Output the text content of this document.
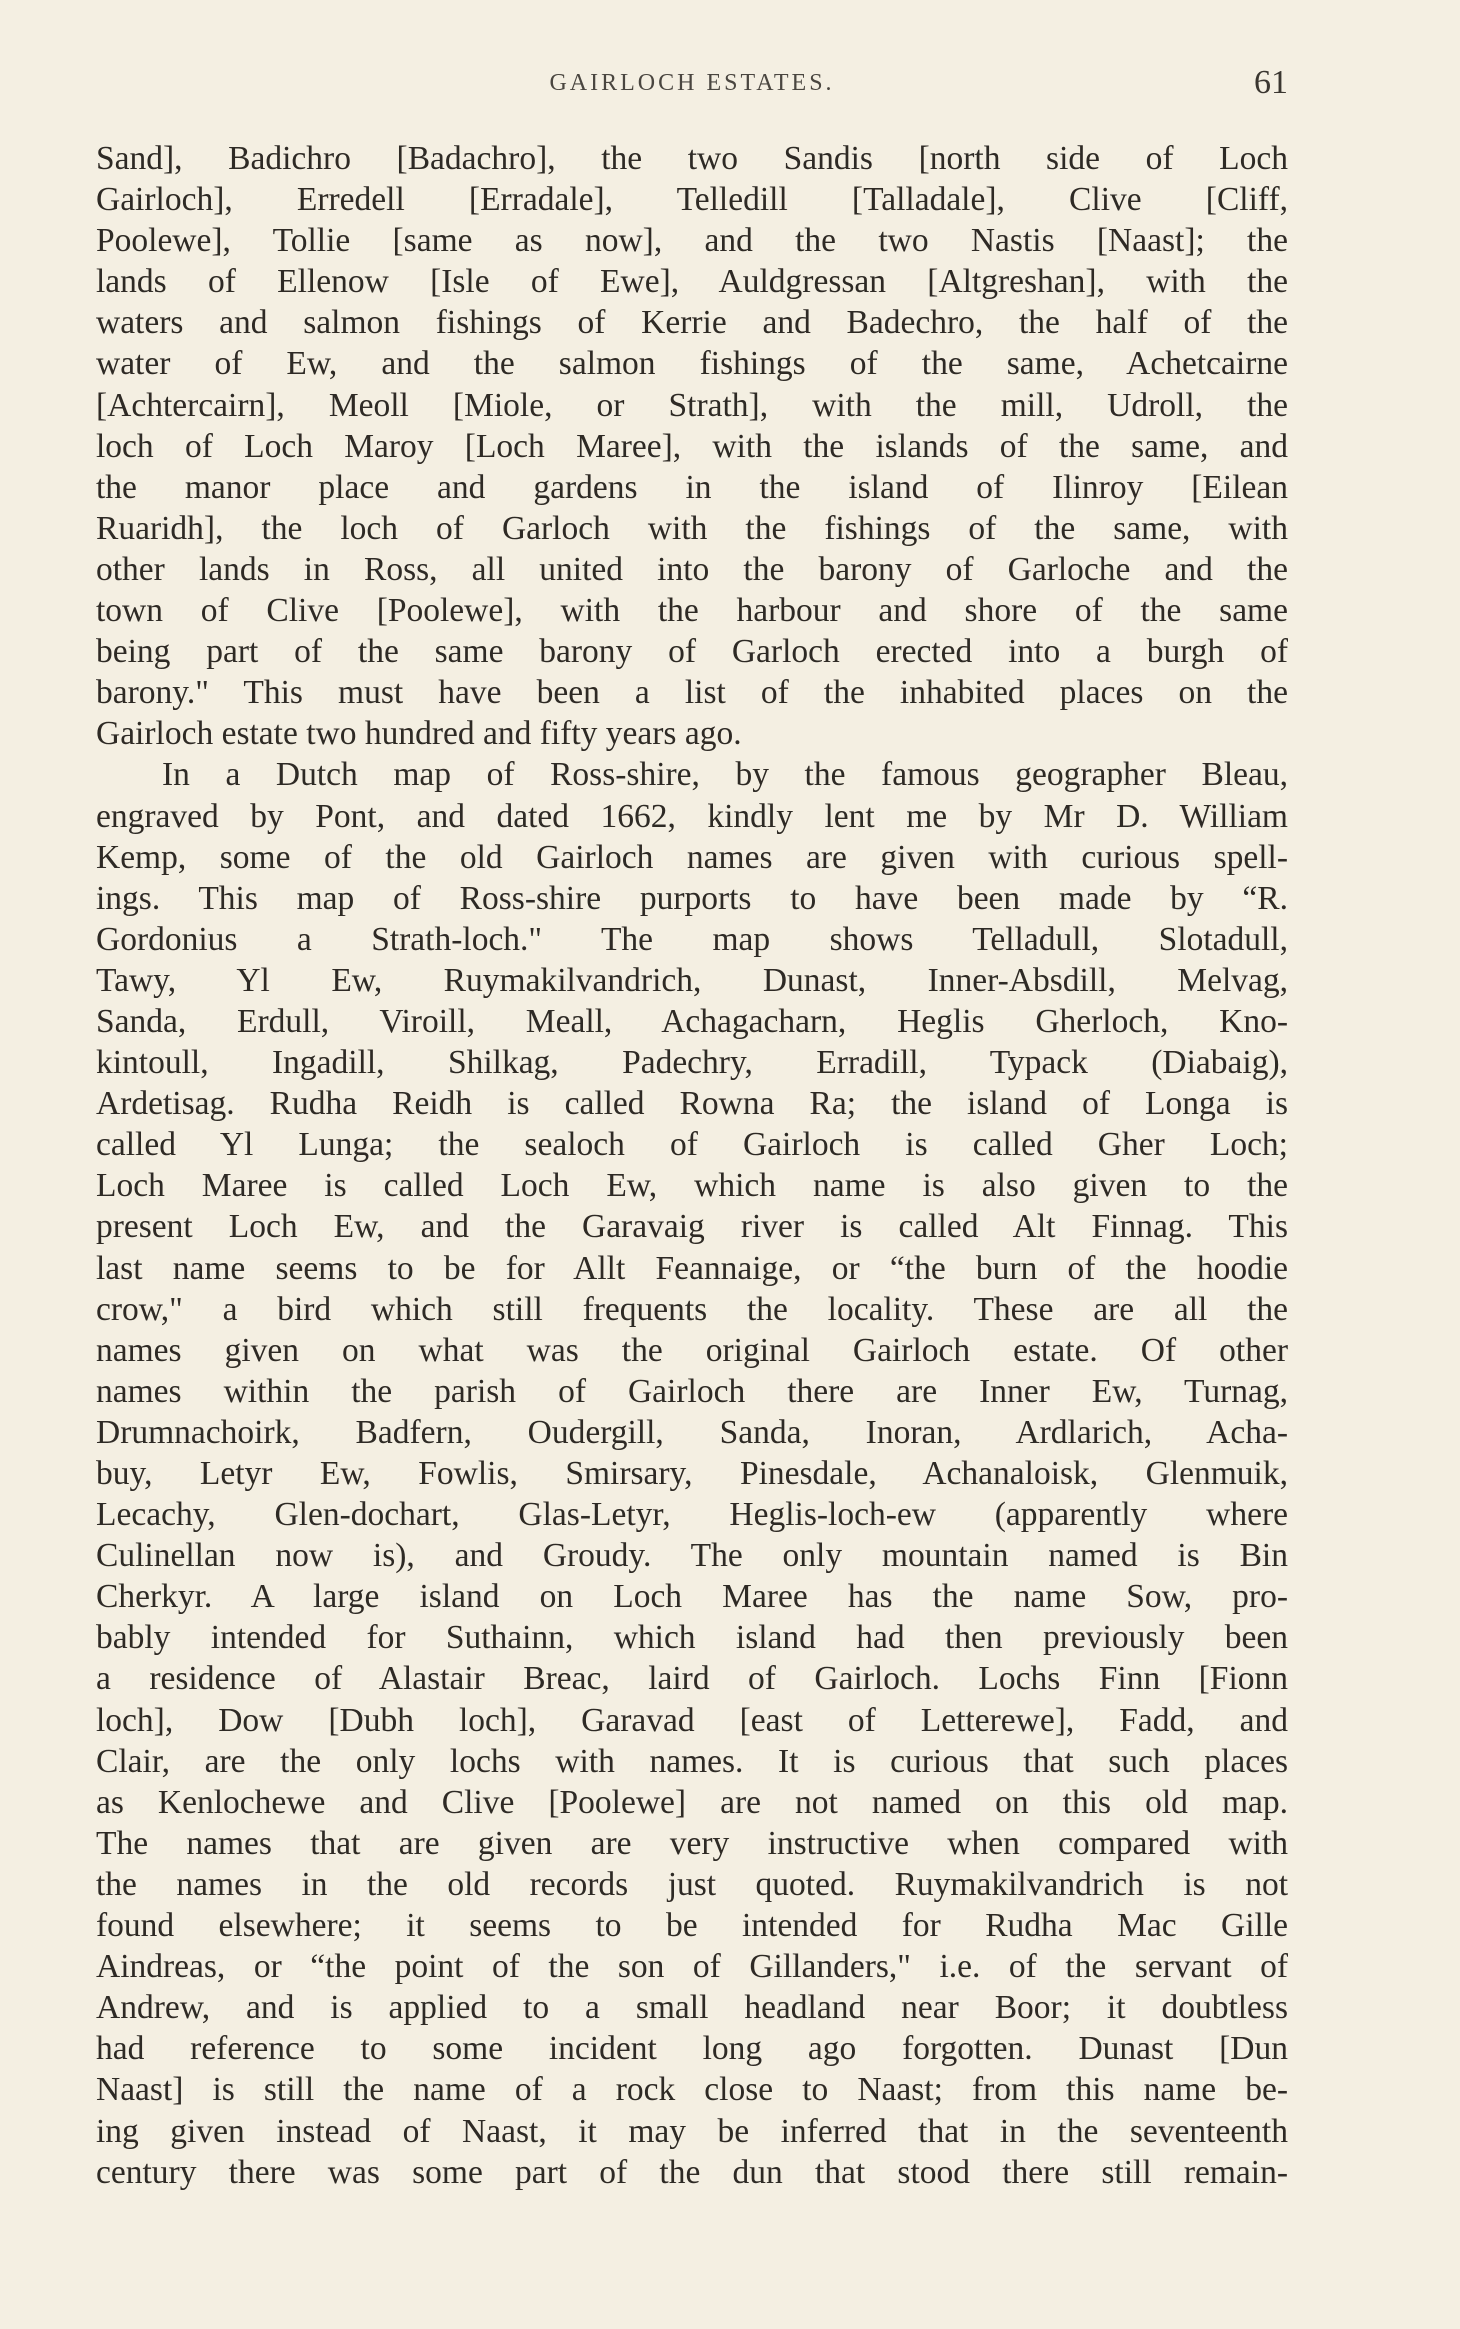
GAIRLOCH ESTATES.	61
Sand], Badichro [Badachro], the two Sandis [north side of Loch
Gairloch], Erredell [Erradale], Telledill [Talladale], Clive [Cliff,
Poolewe], Tollie [same as now], and the two Nastis [Naast]; the
lands of Ellenow [Isle of Ewe], Auldgressan [Altgreshan], with the
waters and salmon fishings of Kerrie and Badechro, the half of the
water of Ew, and the salmon fishings of the same, Achetcairne
[Achtercairn], Meoll [Miole, or Strath], with the mill, Udroll, the
loch of Loch Maroy [Loch Maree], with the islands of the same, and
the manor place and gardens in the island of Ilinroy [Eilean
Ruaridh], the loch of Garloch with the fishings of the same, with
other lands in Ross, all united into the barony of Garloche and the
town of Clive [Poolewe], with the harbour and shore of the same
being part of the same barony of Garloch erected into a burgh of
barony." This must have been a list of the inhabited places on the
Gairloch estate two hundred and fifty years ago.
In a Dutch map of Ross-shire, by the famous geographer Bleau,
engraved by Pont, and dated 1662, kindly lent me by Mr D. William
Kemp, some of the old Gairloch names are given with curious spell-
ings. This map of Ross-shire purports to have been made by “R.
Gordonius a Strath-loch." The map shows Telladull, Slotadull,
Tawy, Yl Ew, Ruymakilvandrich, Dunast, Inner-Absdill, Melvag,
Sanda, Erdull, Viroill, Meall, Achagacharn, Heglis Gherloch, Kno-
kintoull, Ingadill, Shilkag, Padechry, Erradill, Typack (Diabaig),
Ardetisag. Rudha Reidh is called Rowna Ra; the island of Longa is
called Yl Lunga; the sealoch of Gairloch is called Gher Loch;
Loch Maree is called Loch Ew, which name is also given to the
present Loch Ew, and the Garavaig river is called Alt Finnag. This
last name seems to be for Allt Feannaige, or “the burn of the hoodie
crow," a bird which still frequents the locality. These are all the
names given on what was the original Gairloch estate. Of other
names within the parish of Gairloch there are Inner Ew, Turnag,
Drumnachoirk, Badfern, Oudergill, Sanda, Inoran, Ardlarich, Acha-
buy, Letyr Ew, Fowlis, Smirsary, Pinesdale, Achanaloisk, Glenmuik,
Lecachy, Glen-dochart, Glas-Letyr, Heglis-loch-ew (apparently where
Culinellan now is), and Groudy. The only mountain named is Bin
Cherkyr. A large island on Loch Maree has the name Sow, pro-
bably intended for Suthainn, which island had then previously been
a residence of Alastair Breac, laird of Gairloch. Lochs Finn [Fionn
loch], Dow [Dubh loch], Garavad [east of Letterewe], Fadd, and
Clair, are the only lochs with names. It is curious that such places
as Kenlochewe and Clive [Poolewe] are not named on this old map.
The names that are given are very instructive when compared with
the names in the old records just quoted. Ruymakilvandrich is not
found elsewhere; it seems to be intended for Rudha Mac Gille
Aindreas, or “the point of the son of Gillanders," i.e. of the servant of
Andrew, and is applied to a small headland near Boor; it doubtless
had reference to some incident long ago forgotten. Dunast [Dun
Naast] is still the name of a rock close to Naast; from this name be-
ing given instead of Naast, it may be inferred that in the seventeenth
century there was some part of the dun that stood there still remain-
